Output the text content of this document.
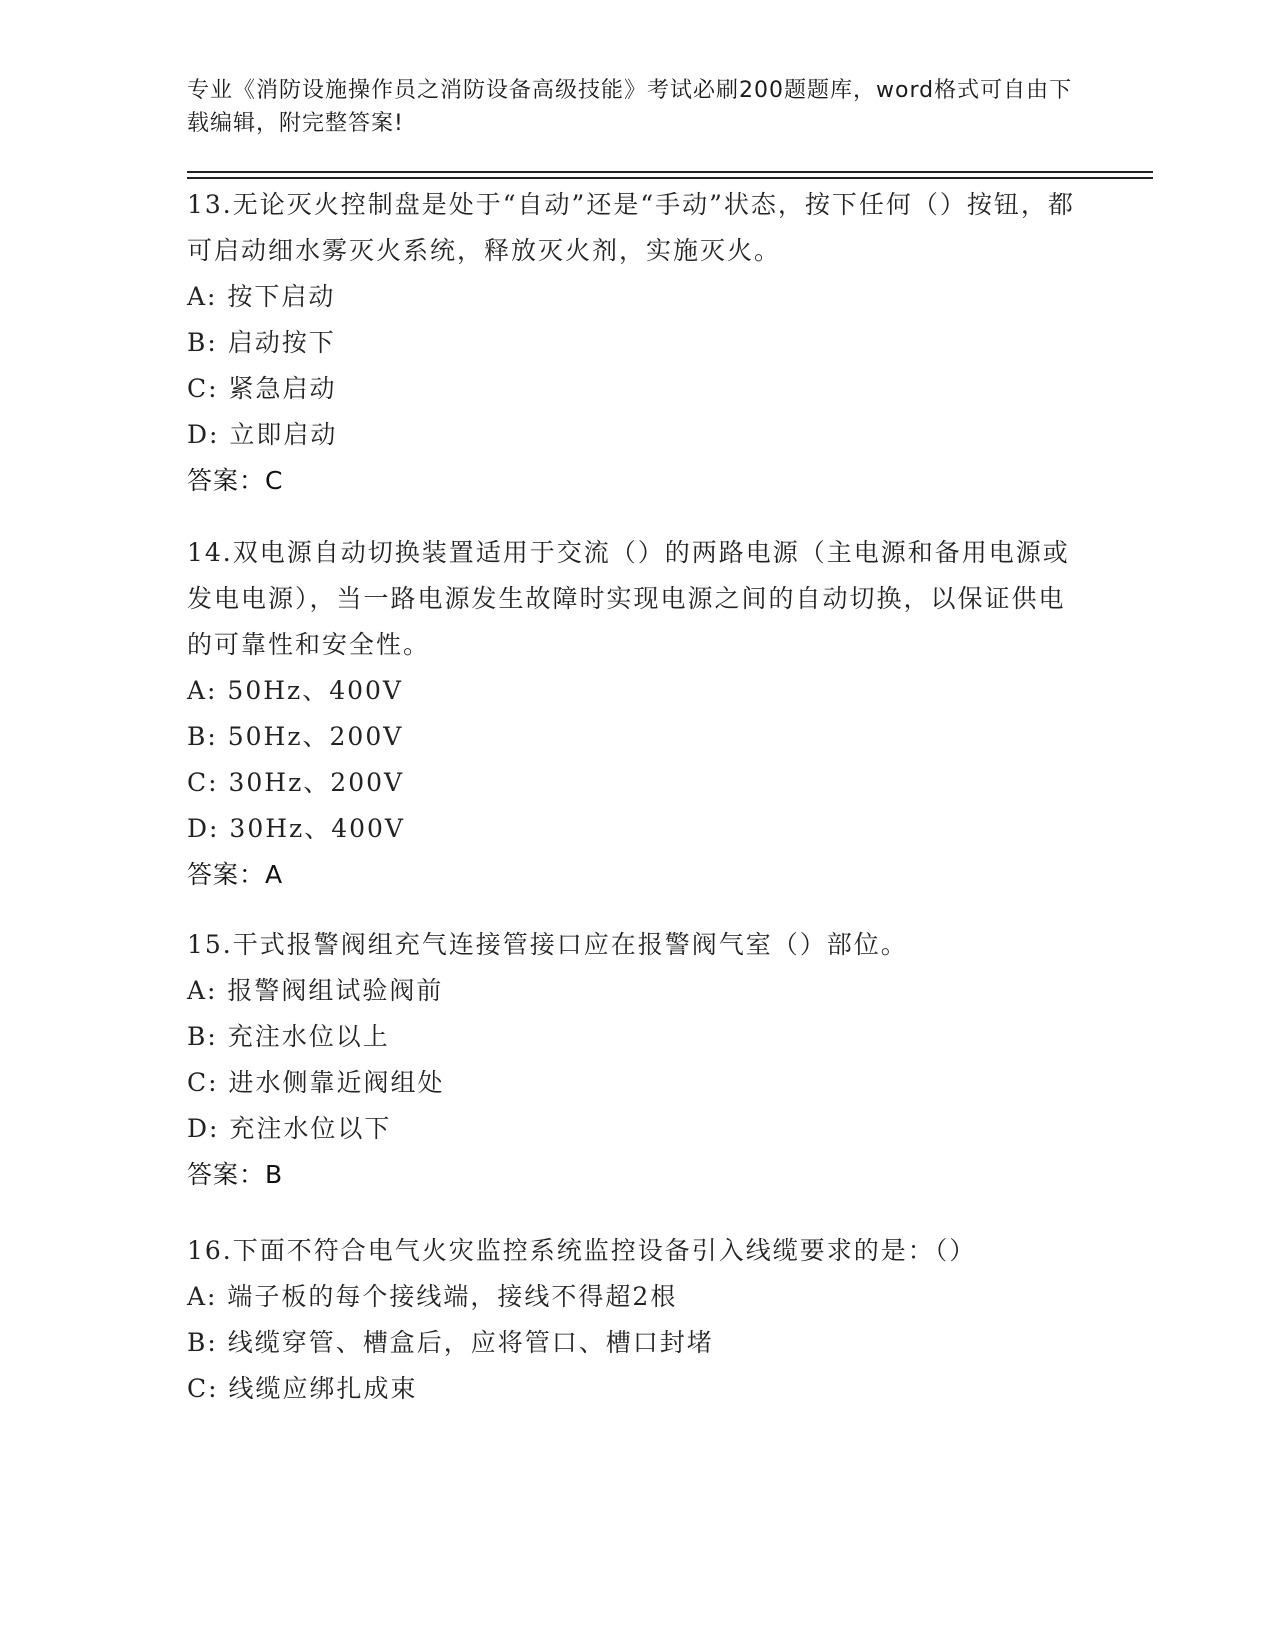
专业《消防设施操作员之消防设备高级技能》考试必刷200题题库，word格式可自由下载编辑，附完整答案!

13.无论灭火控制盘是处于“自动”还是“手动”状态，按下任何（）按钮，都可启动细水雾灭火系统，释放灭火剂，实施灭火。

A: 按下启动

B: 启动按下

C: 紧急启动

D: 立即启动

答案：C

14.双电源自动切换装置适用于交流（）的两路电源（主电源和备用电源或发电电源），当一路电源发生故障时实现电源之间的自动切换，以保证供电的可靠性和安全性。

A: 50Hz、400V

B: 50Hz、200V

C: 30Hz、200V

D: 30Hz、400V

答案：A

15.干式报警阀组充气连接管接口应在报警阀气室（）部位。

A: 报警阀组试验阀前

B: 充注水位以上

C: 进水侧靠近阀组处

D: 充注水位以下

答案：B

16.下面不符合电气火灾监控系统监控设备引入线缆要求的是：（）

A: 端子板的每个接线端，接线不得超2根

B: 线缆穿管、槽盒后，应将管口、槽口封堵

C: 线缆应绑扎成束
